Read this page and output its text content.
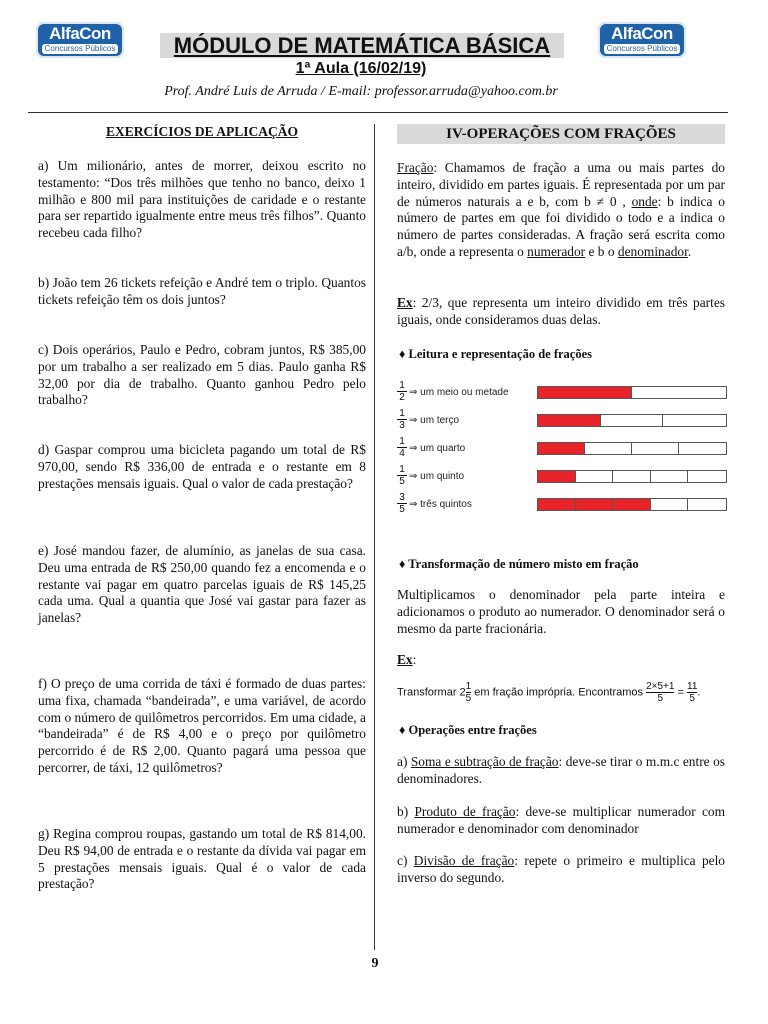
AlfaCon
Concursos Públicos
AlfaCon
Concursos Públicos
MÓDULO DE MATEMÁTICA BÁSICA
1ª Aula (16/02/19)
Prof. André Luis de Arruda / E-mail: professor.arruda@yahoo.com.br
EXERCÍCIOS DE APLICAÇÃO

a) Um milionário, antes de morrer, deixou escrito no testamento: “Dos três milhões que tenho no banco, deixo 1 milhão e 800 mil para instituições de caridade e o restante para ser repartido igualmente entre meus três filhos”. Quanto recebeu cada filho?

b) João tem 26 tickets refeição e André tem o triplo. Quantos tickets refeição têm os dois juntos?

c) Dois operários, Paulo e Pedro, cobram juntos, R$ 385,00 por um trabalho a ser realizado em 5 dias. Paulo ganha R$ 32,00 por dia de trabalho. Quanto ganhou Pedro pelo trabalho?

d) Gaspar comprou uma bicicleta pagando um total de R$ 970,00, sendo R$ 336,00 de entrada e o restante em 8 prestações mensais iguais. Qual o valor de cada prestação?

e) José mandou fazer, de alumínio, as janelas de sua casa. Deu uma entrada de R$ 250,00 quando fez a encomenda e o restante vai pagar em quatro parcelas iguais de R$ 145,25 cada uma. Qual a quantia que José vai gastar para fazer as janelas?

f) O preço de uma corrida de táxi é formado de duas partes: uma fixa, chamada “bandeirada”, e uma variável, de acordo com o número de quilômetros percorridos. Em uma cidade, a “bandeirada” é de R$ 4,00 e o preço por quilômetro percorrido é de R$ 2,00. Quanto pagará uma pessoa que percorrer, de táxi, 12 quilômetros?

g) Regina comprou roupas, gastando um total de R$ 814,00. Deu R$ 94,00 de entrada e o restante da dívida vai pagar em 5 prestações mensais iguais. Qual é o valor de cada prestação?

IV-OPERAÇÕES COM FRAÇÕES

Fração: Chamamos de fração a uma ou mais partes do inteiro, dividido em partes iguais. É representada por um par de números naturais a e b, com b ≠ 0 , onde: b indica o número de partes em que foi dividido o todo e a indica o número de partes consideradas. A fração será escrita como a/b, onde a representa o numerador e b o denominador.

Ex: 2/3, que representa um inteiro dividido em três partes iguais, onde consideramos duas delas.

♦ Leitura e representação de frações
$\frac{1}{2}$ ⇒ um meio ou metade
$\frac{1}{3}$ ⇒ um terço
$\frac{1}{4}$ ⇒ um quarto
$\frac{1}{5}$ ⇒ um quinto
$\frac{3}{5}$ ⇒ três quintos
♦ Transformação de número misto em fração

Multiplicamos o denominador pela parte inteira e adicionamos o produto ao numerador. O denominador será o mesmo da parte fracionária.

Ex:

Transformar $2 \frac{1}{5}$ em fração imprópria. Encontramos $\frac{2\times 5+1}{5} = \frac{11}{5}$ .
♦ Operações entre frações

a) Soma e subtração de fração: deve-se tirar o m.m.c entre os denominadores.

b) Produto de fração: deve-se multiplicar numerador com numerador e denominador com denominador

c) Divisão de fração: repete o primeiro e multiplica pelo inverso do segundo.

9
